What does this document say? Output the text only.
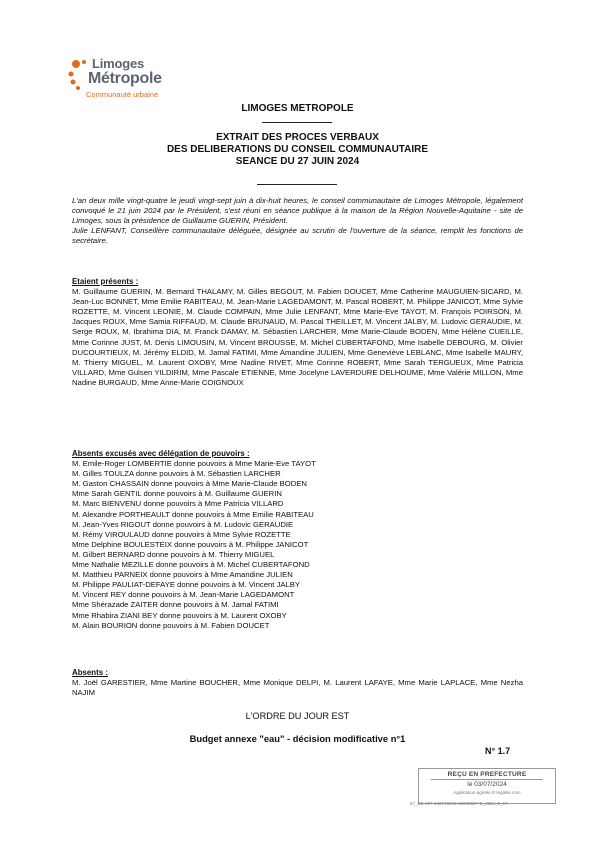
Limoges
Métropole
Communauté urbaine
LIMOGES METROPOLE
EXTRAIT DES PROCES VERBAUX
DES DELIBERATIONS DU CONSEIL COMMUNAUTAIRE
SEANCE DU 27 JUIN 2024

L'an deux mille vingt-quatre le jeudi vingt-sept juin à dix-huit heures, le conseil communautaire de Limoges Métropole, légalement convoqué le 21 juin 2024 par le Président, s'est réuni en séance publique à la maison de la Région Nouvelle-Aquitaine - site de Limoges, sous la présidence de Guillaume GUERIN, Président.

Julie LENFANT, Conseillère communautaire déléguée, désignée au scrutin de l'ouverture de la séance, remplit les fonctions de secrétaire.

Etaient présents :
M. Guillaume GUERIN, M. Bernard THALAMY, M. Gilles BEGOUT, M. Fabien DOUCET, Mme Catherine MAUGUIEN-SICARD, M. Jean-Luc BONNET, Mme Emilie RABITEAU, M. Jean-Marie LAGEDAMONT, M. Pascal ROBERT, M. Philippe JANICOT, Mme Sylvie ROZETTE, M. Vincent LEONIE, M. Claude COMPAIN, Mme Julie LENFANT, Mme Marie-Eve TAYOT, M. François POIRSON, M. Jacques ROUX, Mme Samia RIFFAUD, M. Claude BRUNAUD, M. Pascal THEILLET, M. Vincent JALBY, M. Ludovic GERAUDIE, M. Serge ROUX, M. Ibrahima DIA, M. Franck DAMAY, M. Sébastien LARCHER, Mme Marie-Claude BODEN, Mme Hélène CUEILLE, Mme Corinne JUST, M. Denis LIMOUSIN, M. Vincent BROUSSE, M. Michel CUBERTAFOND, Mme Isabelle DEBOURG, M. Olivier DUCOURTIEUX, M. Jérémy ELDID, M. Jamal FATIMI, Mme Amandine JULIEN, Mme Geneviève LEBLANC, Mme Isabelle MAURY, M. Thierry MIGUEL, M. Laurent OXOBY, Mme Nadine RIVET, Mme Corinne ROBERT, Mme Sarah TERGUEUX, Mme Patricia VILLARD, Mme Gulsen YILDIRIM, Mme Pascale ETIENNE, Mme Jocelyne LAVERDURE DELHOUME, Mme Valérie MILLON, Mme Nadine BURGAUD, Mme Anne-Marie COIGNOUX
Absents excusés avec délégation de pouvoirs :
M. Emile-Roger LOMBERTIE donne pouvoirs à Mme Marie-Eve TAYOT
M. Gilles TOULZA donne pouvoirs à M. Sébastien LARCHER
M. Gaston CHASSAIN donne pouvoirs à Mme Marie-Claude BODEN
Mme Sarah GENTIL donne pouvoirs à M. Guillaume GUERIN
M. Marc BIENVENU donne pouvoirs à Mme Patricia VILLARD
M. Alexandre PORTHEAULT donne pouvoirs à Mme Emilie RABITEAU
M. Jean-Yves RIGOUT donne pouvoirs à M. Ludovic GERAUDIE
M. Rémy VIROULAUD donne pouvoirs à Mme Sylvie ROZETTE
Mme Delphine BOULESTEIX donne pouvoirs à M. Philippe JANICOT
M. Gilbert BERNARD donne pouvoirs à M. Thierry MIGUEL
Mme Nathalie MEZILLE donne pouvoirs à M. Michel CUBERTAFOND
M. Matthieu PARNEIX donne pouvoirs à Mme Amandine JULIEN
M. Philippe PAULIAT-DEFAYE donne pouvoirs à M. Vincent JALBY
M. Vincent REY donne pouvoirs à M. Jean-Marie LAGEDAMONT
Mme Shérazade ZAITER donne pouvoirs à M. Jamal FATIMI
Mme Rhabira ZIANI BEY donne pouvoirs à M. Laurent OXOBY
M. Alain BOURION donne pouvoirs à M. Fabien DOUCET
Absents :
M. Joël GARESTIER, Mme Martine BOUCHER, Mme Monique DELPI, M. Laurent LAFAYE, Mme Marie LAPLACE, Mme Nezha NAJIM
L'ORDRE DU JOUR EST
Budget annexe "eau" - décision modificative n°1
N° 1.7
REÇU EN PREFECTURE
le 03/07/2024
Application agréée E-legalite.com
87_DE-087-248719018-20240627-D_2024_5_17
